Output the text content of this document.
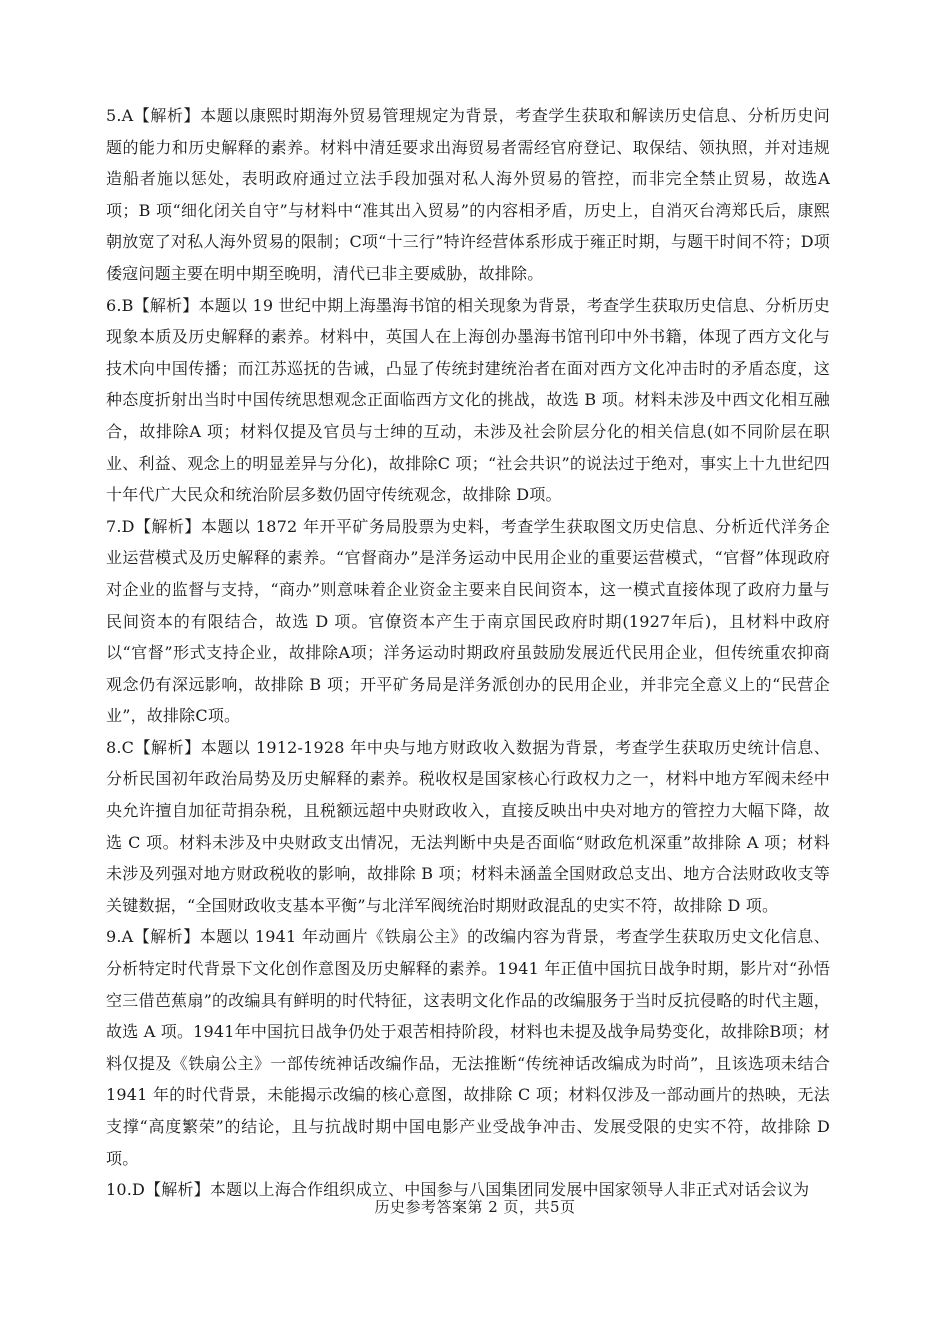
5.A【解析】本题以康熙时期海外贸易管理规定为背景，考查学生获取和解读历史信息、分析历史问题的能力和历史解释的素养。材料中清廷要求出海贸易者需经官府登记、取保结、领执照，并对违规造船者施以惩处，表明政府通过立法手段加强对私人海外贸易的管控，而非完全禁止贸易，故选A 项；B 项“细化闭关自守”与材料中“准其出入贸易”的内容相矛盾，历史上，自消灭台湾郑氏后，康熙朝放宽了对私人海外贸易的限制；C项“十三行”特许经营体系形成于雍正时期，与题干时间不符；D项倭寇问题主要在明中期至晚明，清代已非主要威胁，故排除。

6.B【解析】本题以 19 世纪中期上海墨海书馆的相关现象为背景，考查学生获取历史信息、分析历史现象本质及历史解释的素养。材料中，英国人在上海创办墨海书馆刊印中外书籍，体现了西方文化与技术向中国传播；而江苏巡抚的告诫，凸显了传统封建统治者在面对西方文化冲击时的矛盾态度，这种态度折射出当时中国传统思想观念正面临西方文化的挑战，故选 B 项。材料未涉及中西文化相互融合，故排除A 项；材料仅提及官员与士绅的互动，未涉及社会阶层分化的相关信息(如不同阶层在职业、利益、观念上的明显差异与分化)，故排除C 项；“社会共识”的说法过于绝对，事实上十九世纪四十年代广大民众和统治阶层多数仍固守传统观念，故排除 D项。

7.D【解析】本题以 1872 年开平矿务局股票为史料，考查学生获取图文历史信息、分析近代洋务企业运营模式及历史解释的素养。“官督商办”是洋务运动中民用企业的重要运营模式，“官督”体现政府对企业的监督与支持，“商办”则意味着企业资金主要来自民间资本，这一模式直接体现了政府力量与民间资本的有限结合，故选 D 项。官僚资本产生于南京国民政府时期(1927年后)，且材料中政府以“官督”形式支持企业，故排除A项；洋务运动时期政府虽鼓励发展近代民用企业，但传统重农抑商观念仍有深远影响，故排除 B 项；开平矿务局是洋务派创办的民用企业，并非完全意义上的“民营企业”，故排除C项。

8.C【解析】本题以 1912-1928 年中央与地方财政收入数据为背景，考查学生获取历史统计信息、分析民国初年政治局势及历史解释的素养。税收权是国家核心行政权力之一，材料中地方军阀未经中央允许擅自加征苛捐杂税，且税额远超中央财政收入，直接反映出中央对地方的管控力大幅下降，故选 C 项。材料未涉及中央财政支出情况，无法判断中央是否面临“财政危机深重”故排除 A 项；材料未涉及列强对地方财政税收的影响，故排除 B 项；材料未涵盖全国财政总支出、地方合法财政收支等关键数据，“全国财政收支基本平衡”与北洋军阀统治时期财政混乱的史实不符，故排除 D 项。

9.A【解析】本题以 1941 年动画片《铁扇公主》的改编内容为背景，考查学生获取历史文化信息、分析特定时代背景下文化创作意图及历史解释的素养。1941 年正值中国抗日战争时期，影片对“孙悟空三借芭蕉扇”的改编具有鲜明的时代特征，这表明文化作品的改编服务于当时反抗侵略的时代主题，故选 A 项。1941年中国抗日战争仍处于艰苦相持阶段，材料也未提及战争局势变化，故排除B项；材料仅提及《铁扇公主》一部传统神话改编作品，无法推断“传统神话改编成为时尚”，且该选项未结合 1941 年的时代背景，未能揭示改编的核心意图，故排除 C 项；材料仅涉及一部动画片的热映，无法支撑“高度繁荣”的结论，且与抗战时期中国电影产业受战争冲击、发展受限的史实不符，故排除 D项。

10.D【解析】本题以上海合作组织成立、中国参与八国集团同发展中国家领导人非正式对话会议为

历史参考答案第 2 页，共5页
